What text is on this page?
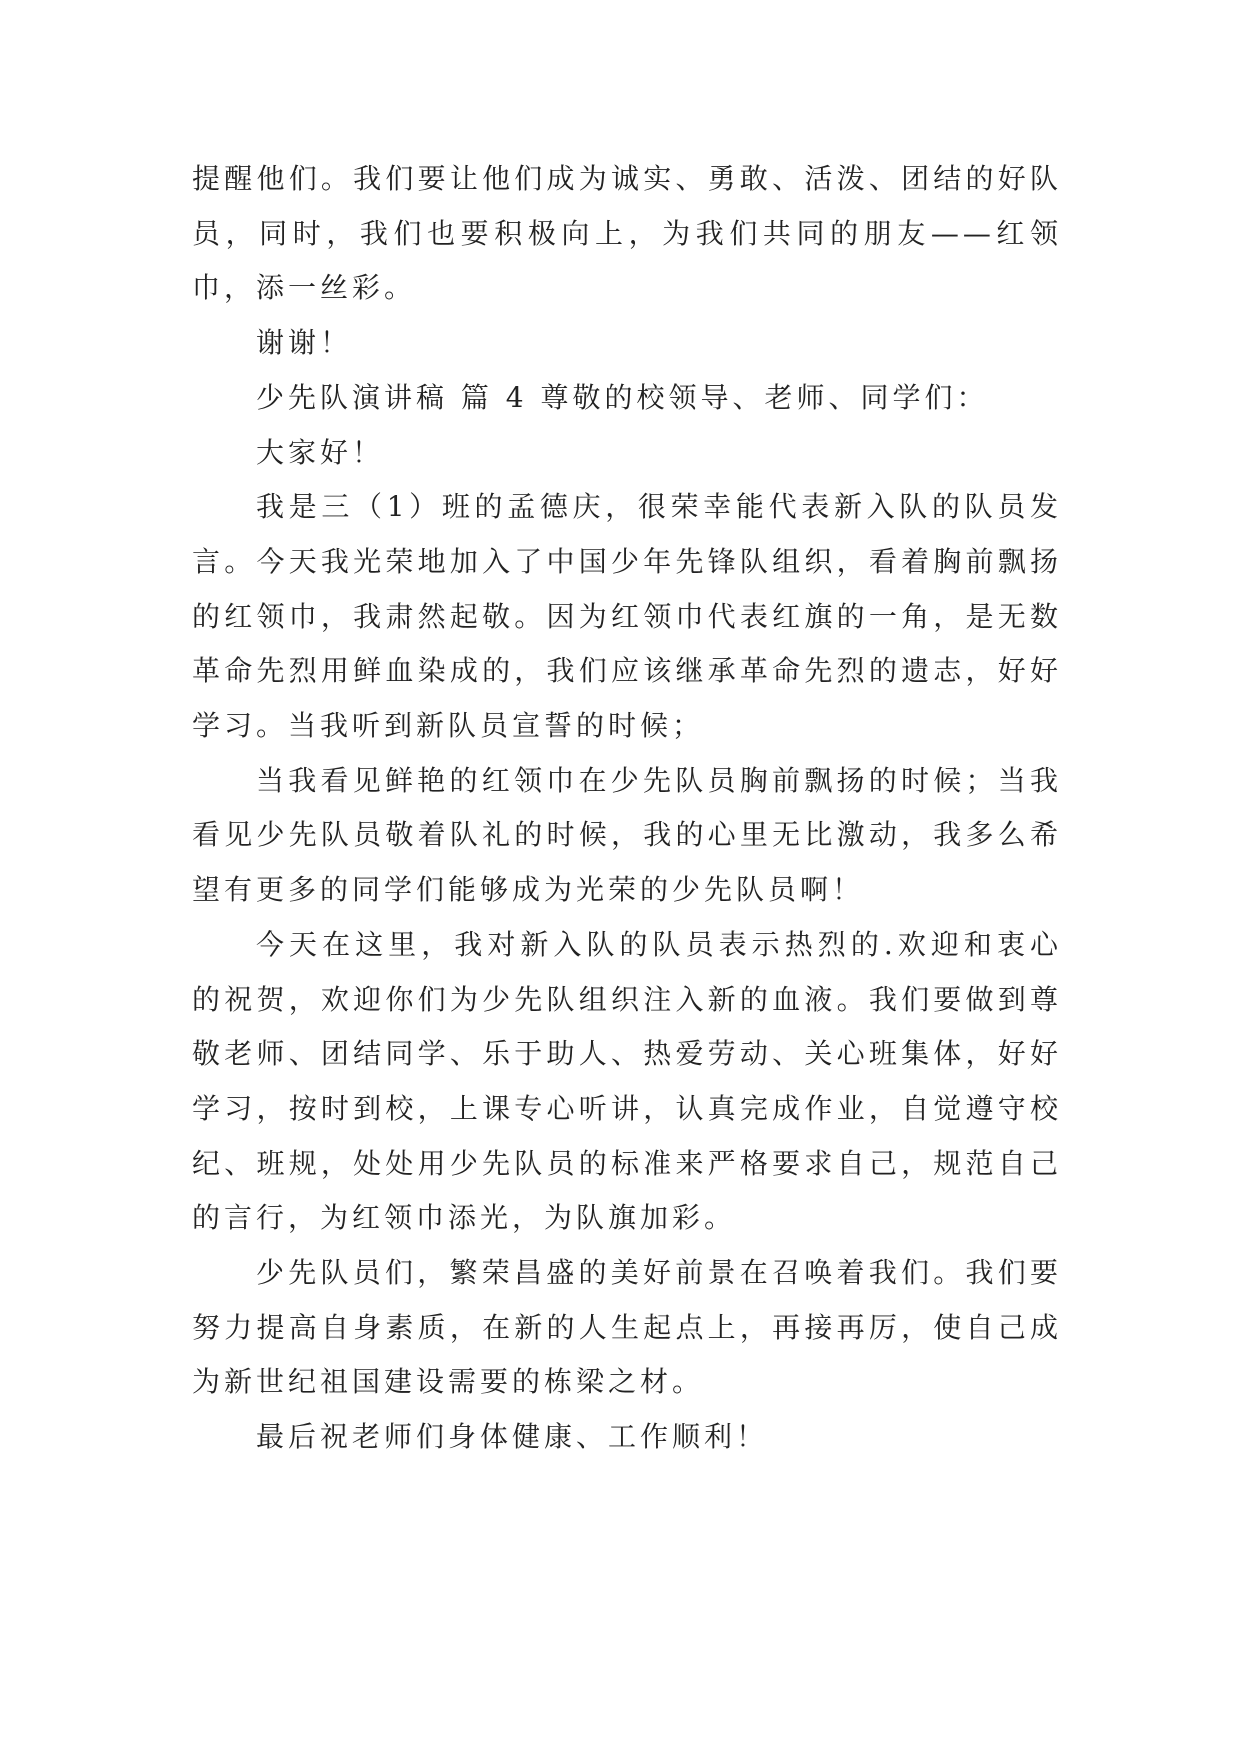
提醒他们。我们要让他们成为诚实、勇敢、活泼、团结的好队员，同时，我们也要积极向上，为我们共同的朋友——红领巾，添一丝彩。

谢谢！

少先队演讲稿 篇 4 尊敬的校领导、老师、同学们：

大家好！

我是三（1）班的孟德庆，很荣幸能代表新入队的队员发言。今天我光荣地加入了中国少年先锋队组织，看着胸前飘扬的红领巾，我肃然起敬。因为红领巾代表红旗的一角，是无数革命先烈用鲜血染成的，我们应该继承革命先烈的遗志，好好学习。当我听到新队员宣誓的时候；

当我看见鲜艳的红领巾在少先队员胸前飘扬的时候；当我看见少先队员敬着队礼的时候，我的心里无比激动，我多么希望有更多的同学们能够成为光荣的少先队员啊！

今天在这里，我对新入队的队员表示热烈的.欢迎和衷心的祝贺，欢迎你们为少先队组织注入新的血液。我们要做到尊敬老师、团结同学、乐于助人、热爱劳动、关心班集体，好好学习，按时到校，上课专心听讲，认真完成作业，自觉遵守校纪、班规，处处用少先队员的标准来严格要求自己，规范自己的言行，为红领巾添光，为队旗加彩。

少先队员们，繁荣昌盛的美好前景在召唤着我们。我们要努力提高自身素质，在新的人生起点上，再接再厉，使自己成为新世纪祖国建设需要的栋梁之材。

最后祝老师们身体健康、工作顺利！
